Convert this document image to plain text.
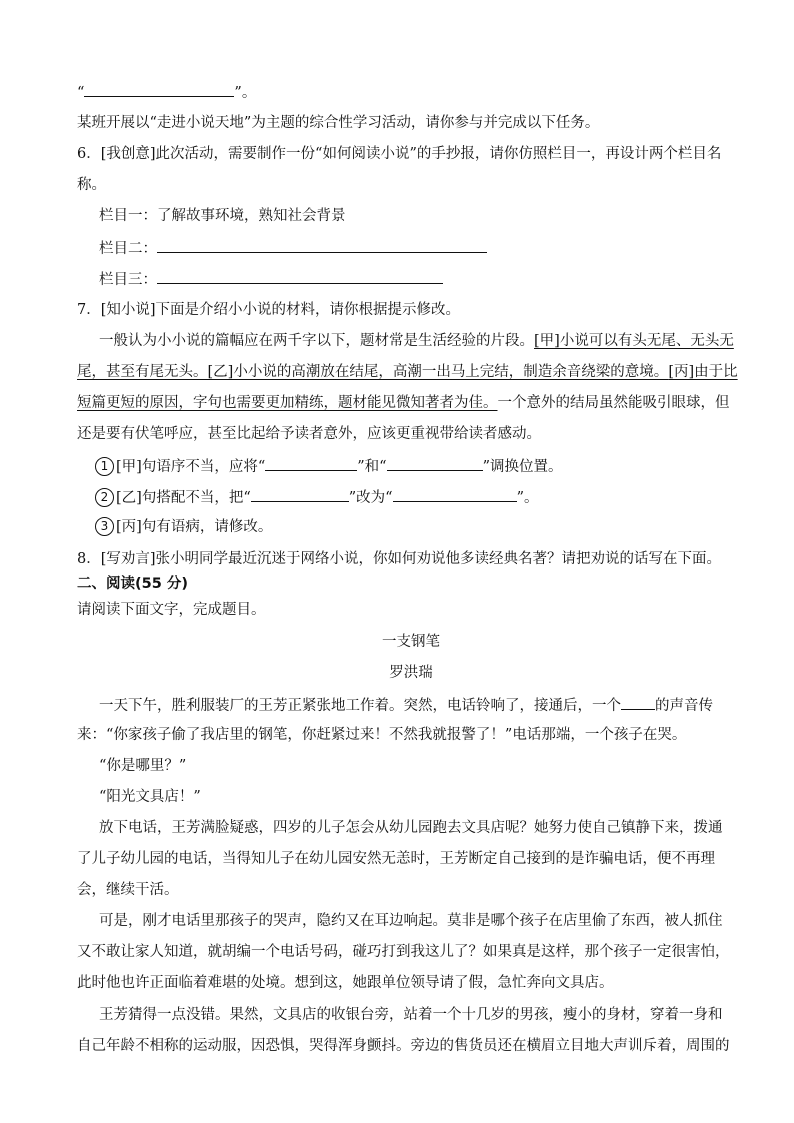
“	”。
某班开展以“走进小说天地”为主题的综合性学习活动，请你参与并完成以下任务。
6．[我创意]此次活动，需要制作一份“如何阅读小说”的手抄报，请你仿照栏目一，再设计两个栏目名
称。
栏目一：了解故事环境，熟知社会背景
栏目二：
栏目三：
7．[知小说]下面是介绍小小说的材料，请你根据提示修改。
一般认为小小说的篇幅应在两千字以下，题材常是生活经验的片段。[甲]小说可以有头无尾、无头无
尾，甚至有尾无头。[乙]小小说的高潮放在结尾，高潮一出马上完结，制造余音绕梁的意境。[丙]由于比
短篇更短的原因，字句也需要更加精练，题材能见微知著者为佳。一个意外的结局虽然能吸引眼球，但
还是要有伏笔呼应，甚至比起给予读者意外，应该更重视带给读者感动。
1 [甲]句语序不当，应将“	”和“	”调换位置。
2 [乙]句搭配不当，把“	”改为“	”。
3 [丙]句有语病，请修改。
8．[写劝言]张小明同学最近沉迷于网络小说，你如何劝说他多读经典名著？请把劝说的话写在下面。
二、阅读(55 分)
请阅读下面文字，完成题目。
一支钢笔
罗洪瑞
一天下午，胜利服装厂的王芳正紧张地工作着。突然，电话铃响了，接通后，一个 的声音传
来：“你家孩子偷了我店里的钢笔，你赶紧过来！不然我就报警了！”电话那端，一个孩子在哭。
“你是哪里？”
“阳光文具店！”
放下电话，王芳满脸疑惑，四岁的儿子怎会从幼儿园跑去文具店呢？她努力使自己镇静下来，拨通
了儿子幼儿园的电话，当得知儿子在幼儿园安然无恙时，王芳断定自己接到的是诈骗电话，便不再理
会，继续干活。
可是，刚才电话里那孩子的哭声，隐约又在耳边响起。莫非是哪个孩子在店里偷了东西，被人抓住
又不敢让家人知道，就胡编一个电话号码，碰巧打到我这儿了？如果真是这样，那个孩子一定很害怕，
此时他也许正面临着难堪的处境。想到这，她跟单位领导请了假，急忙奔向文具店。
王芳猜得一点没错。果然，文具店的收银台旁，站着一个十几岁的男孩，瘦小的身材，穿着一身和
自己年龄不相称的运动服，因恐惧，哭得浑身颤抖。旁边的售货员还在横眉立目地大声训斥着，周围的
